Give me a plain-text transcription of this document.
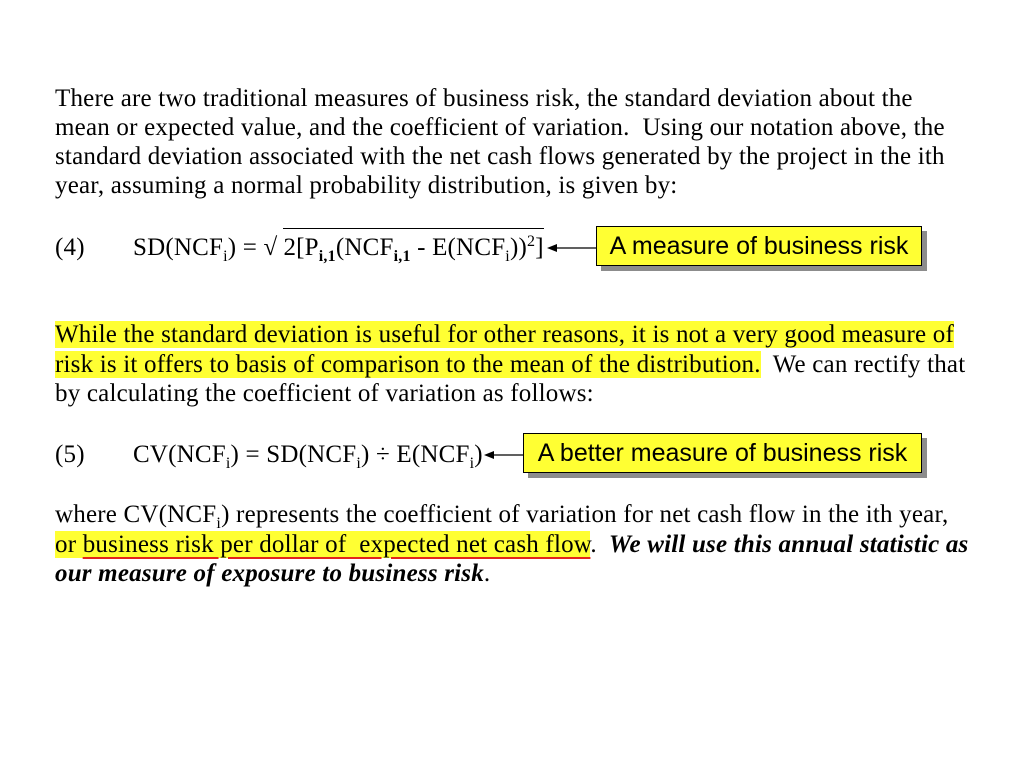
There are two traditional measures of business risk, the standard deviation about the
mean or expected value, and the coefficient of variation.  Using our notation above, the
standard deviation associated with the net cash flows generated by the project in the ith
year, assuming a normal probability distribution, is given by:

(4)

$SD(NCF_i)$ = √ $2[P_{i,1}(NCF_{i,1} - E(NCF_i))^2]$	A measure of business risk
While the standard deviation is useful for other reasons, it is not a very good measure of
risk is it offers to basis of comparison to the mean of the distribution. We can rectify that
by calculating the coefficient of variation as follows:

(5)

$CV(NCF_i) = SD(NCF_i) \div E(NCF_i)$	A better measure of business risk
where $CV(NCF_i)$ represents the coefficient of variation for net cash flow in the ith year,
or business risk per dollar of  expected net cash flow. We will use this annual statistic as
our measure of exposure to business risk.
